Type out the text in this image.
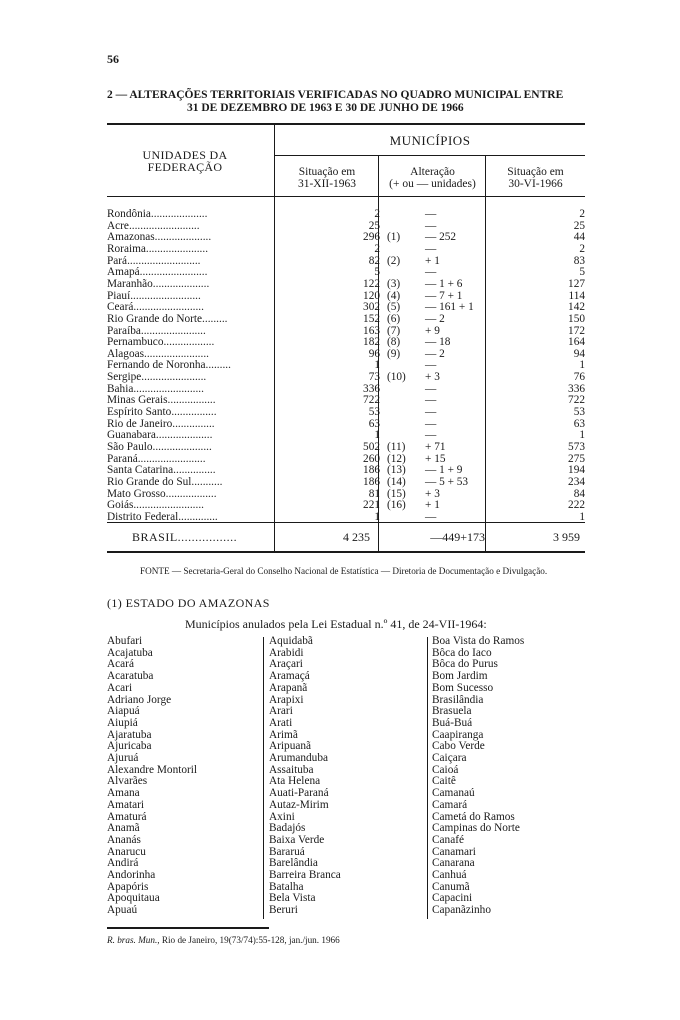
56
2 — ALTERAÇÕES TERRITORIAIS VERIFICADAS NO QUADRO MUNICIPAL ENTRE
31 DE DEZEMBRO DE 1963 E 30 DE JUNHO DE 1966
UNIDADES DA FEDERAÇÃO
MUNICÍPIOS
Situação em
31-XII-1963
Alteração
(+ ou — unidades)
Situação em
30-VI-1966
Rondônia....................	2	—	2
Acre.........................	25	—	25
Amazonas....................	296 (1)	— 252	44
Roraima......................	2	—	2
Pará..........................	82 (2)	+ 1	83
Amapá........................	5	—	5
Maranhão....................	122 (3)	— 1 + 6	127
Piauí.........................	120 (4)	— 7 + 1	114
Ceará.........................	302 (5)	— 161 + 1	142
Rio Grande do Norte.........	152 (6)	— 2	150
Paraíba.......................	163 (7)	+ 9	172
Pernambuco..................	182 (8)	— 18	164
Alagoas.......................	96 (9)	— 2	94
Fernando de Noronha.........	1	—	1
Sergipe.......................	73 (10)	+ 3	76
Bahia.........................	336	—	336
Minas Gerais.................	722	—	722
Espírito Santo................	53	—	53
Rio de Janeiro...............	63	—	63
Guanabara....................	1	—	1
São Paulo.....................	502 (11)	+ 71	573
Paraná........................	260 (12)	+ 15	275
Santa Catarina...............	186 (13)	— 1 + 9	194
Rio Grande do Sul...........	186 (14)	— 5 + 53	234
Mato Grosso..................	81 (15)	+ 3	84
Goiás.........................	221 (16)	+ 1	222
Distrito Federal..............	1	—	1
BRASIL.................	4 235	—449+173	3 959
FONTE — Secretaria-Geral do Conselho Nacional de Estatística — Diretoria de Documentação e Divulgação.
(1) ESTADO DO AMAZONAS
Municípios anulados pela Lei Estadual n.º 41, de 24-VII-1964:
Abufari
Acajatuba
Acará
Acaratuba
Acari
Adriano Jorge
Aiapuá
Aiupiá
Ajaratuba
Ajuricaba
Ajuruá
Alexandre Montoril
Alvarães
Amana
Amatari
Amaturá
Anamã
Ananás
Anarucu
Andirá
Andorinha
Apapóris
Apoquitaua
Apuaú
Aquidabã
Arabidi
Araçari
Aramaçá
Arapanã
Arapixi
Arari
Arati
Arimã
Aripuanã
Arumanduba
Assaituba
Ata Helena
Auati-Paraná
Autaz-Mirim
Axini
Badajós
Baixa Verde
Bararuá
Barelândia
Barreira Branca
Batalha
Bela Vista
Beruri
Boa Vista do Ramos
Bôca do Iaco
Bôca do Purus
Bom Jardim
Bom Sucesso
Brasilândia
Brasuela
Buá-Buá
Caapiranga
Cabo Verde
Caiçara
Caioá
Caitê
Camanaú
Camará
Cametá do Ramos
Campinas do Norte
Canafé
Canamari
Canarana
Canhuá
Canumã
Capacini
Capanãzinho
R. bras. Mun., Rio de Janeiro, 19(73/74):55-128, jan./jun. 1966
